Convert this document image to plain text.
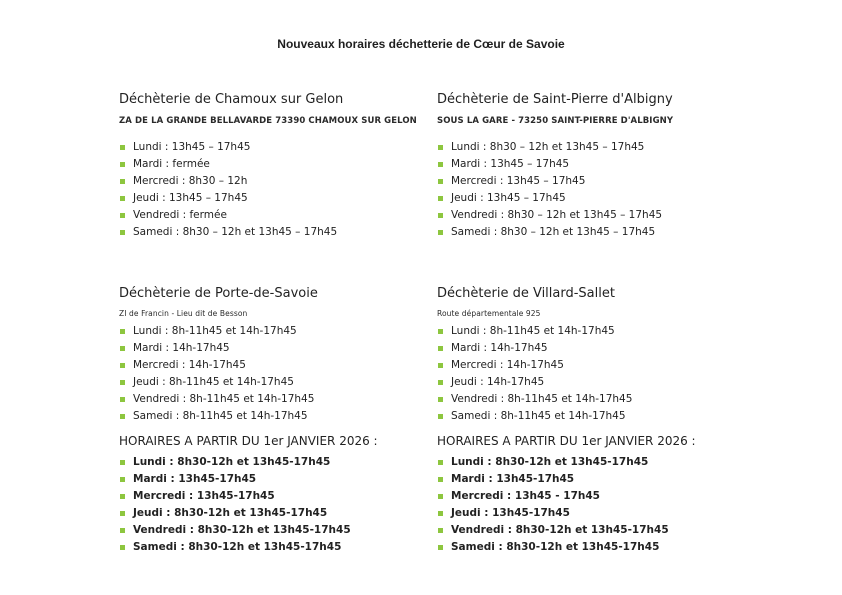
Nouveaux horaires déchetterie de Cœur de Savoie
Déchèterie de Chamoux sur Gelon
ZA DE LA GRANDE BELLAVARDE 73390 CHAMOUX SUR GELON
Lundi : 13h45 – 17h45
Mardi : fermée
Mercredi : 8h30 – 12h
Jeudi : 13h45 – 17h45
Vendredi : fermée
Samedi : 8h30 – 12h et 13h45 – 17h45
Déchèterie de Saint-Pierre d'Albigny
SOUS LA GARE - 73250 SAINT-PIERRE D'ALBIGNY
Lundi : 8h30 – 12h et 13h45 – 17h45
Mardi : 13h45 – 17h45
Mercredi : 13h45 – 17h45
Jeudi : 13h45 – 17h45
Vendredi : 8h30 – 12h et 13h45 – 17h45
Samedi : 8h30 – 12h et 13h45 – 17h45
Déchèterie de Porte-de-Savoie
ZI de Francin - Lieu dit de Besson
Lundi : 8h-11h45 et 14h-17h45
Mardi : 14h-17h45
Mercredi : 14h-17h45
Jeudi : 8h-11h45 et 14h-17h45
Vendredi : 8h-11h45 et 14h-17h45
Samedi : 8h-11h45 et 14h-17h45
HORAIRES A PARTIR DU 1er JANVIER 2026 :
Lundi : 8h30-12h et 13h45-17h45
Mardi : 13h45-17h45
Mercredi : 13h45-17h45
Jeudi : 8h30-12h et 13h45-17h45
Vendredi : 8h30-12h et 13h45-17h45
Samedi : 8h30-12h et 13h45-17h45
Déchèterie de Villard-Sallet
Route départementale 925
Lundi : 8h-11h45 et 14h-17h45
Mardi : 14h-17h45
Mercredi : 14h-17h45
Jeudi : 14h-17h45
Vendredi : 8h-11h45 et 14h-17h45
Samedi : 8h-11h45 et 14h-17h45
HORAIRES A PARTIR DU 1er JANVIER 2026 :
Lundi : 8h30-12h et 13h45-17h45
Mardi : 13h45-17h45
Mercredi : 13h45 - 17h45
Jeudi : 13h45-17h45
Vendredi : 8h30-12h et 13h45-17h45
Samedi : 8h30-12h et 13h45-17h45
